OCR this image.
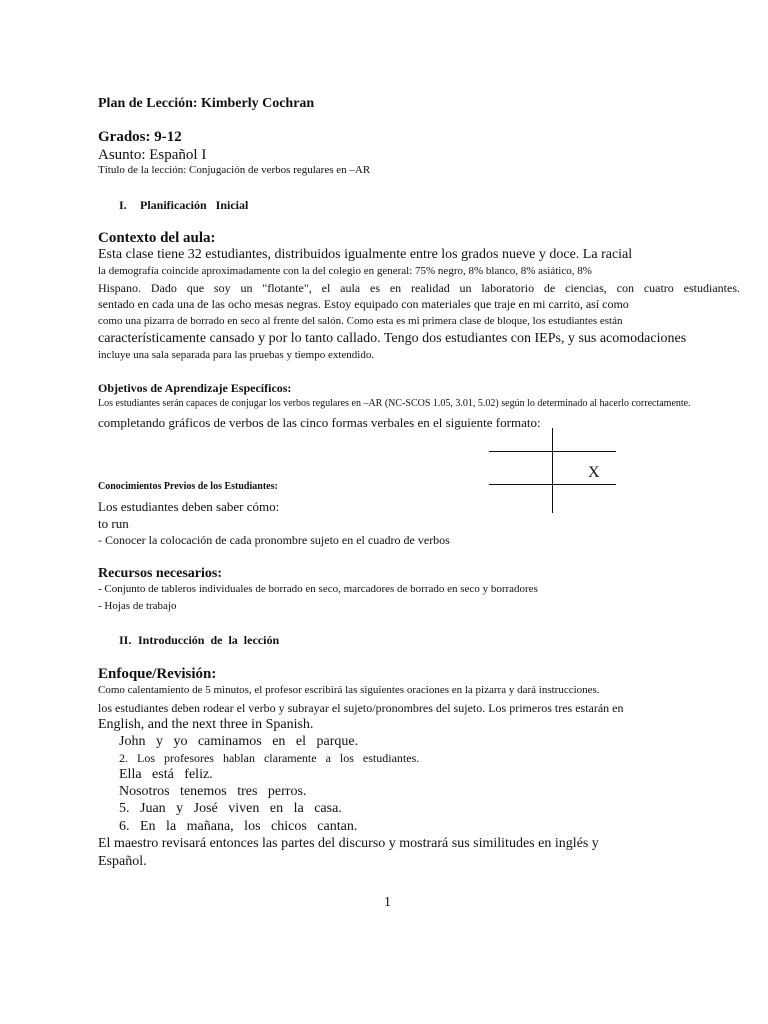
Plan de Lección: Kimberly Cochran
Grados: 9-12
Asunto: Español I
Título de la lección: Conjugación de verbos regulares en –AR
I. Planificación   Inicial
Contexto del aula:
Esta clase tiene 32 estudiantes, distribuidos igualmente entre los grados nueve y doce. La racial
la demografía coincide aproximadamente con la del colegio en general: 75% negro, 8% blanco, 8% asiático, 8%
Hispano. Dado que soy un "flotante", el aula es en realidad un laboratorio de ciencias, con cuatro estudiantes.
sentado en cada una de las ocho mesas negras. Estoy equipado con materiales que traje en mi carrito, así como
como una pizarra de borrado en seco al frente del salón. Como esta es mi primera clase de bloque, los estudiantes están
característicamente cansado y por lo tanto callado. Tengo dos estudiantes con IEPs, y sus acomodaciones
incluye una sala separada para las pruebas y tiempo extendido.
Objetivos de Aprendizaje Específicos:
Los estudiantes serán capaces de conjugar los verbos regulares en –AR (NC-SCOS 1.05, 3.01, 5.02) según lo determinado al hacerlo correctamente.
completando gráficos de verbos de las cinco formas verbales en el siguiente formato:
X
Conocimientos Previos de los Estudiantes:
Los estudiantes deben saber cómo:
to run
- Conocer la colocación de cada pronombre sujeto en el cuadro de verbos
Recursos necesarios:
- Conjunto de tableros individuales de borrado en seco, marcadores de borrado en seco y borradores
- Hojas de trabajo
II. Introducción  de  la  lección
Enfoque/Revisión:
Como calentamiento de 5 minutos, el profesor escribirá las siguientes oraciones en la pizarra y dará instrucciones.
los estudiantes deben rodear el verbo y subrayar el sujeto/pronombres del sujeto. Los primeros tres estarán en
English, and the next three in Spanish.
John   y   yo   caminamos   en   el   parque.
2.   Los   profesores   hablan   claramente   a   los   estudiantes.
Ella   está   feliz.
Nosotros   tenemos   tres   perros.
5.   Juan   y   José   viven   en   la   casa.
6.   En   la   mañana,   los   chicos   cantan.
El maestro revisará entonces las partes del discurso y mostrará sus similitudes en inglés y
Español.
1
